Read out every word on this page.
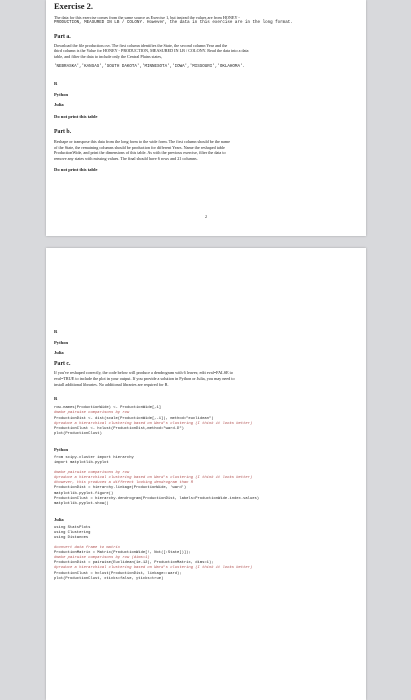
Exercise 2.
The data for this exercise comes from the same source as Exercise 1, but instead the values are from HONEY -
PRODUCTION, MEASURED IN LB / COLONY. However, the data in this exercise are in the long format.
Part a.
Download the file production.csv. The first column identifies the State, the second column Year and the
third column is the Value for HONEY - PRODUCTION, MEASURED IN LB / COLONY. Read the data into a data
table, and filter the data to include only the Central Plains states,
'NEBRASKA','KANSAS','SOUTH DAKOTA','MINNESOTA','IOWA','MISSOURI','OKLAHOMA'.
R
Python
Julia
Do not print this table
Part b.
Reshape or transpose this data from the long form to the wide form. The first column should be the name
of the State, the remaining columns should be production for different Years. Name the reshaped table
ProductionWide, and print the dimensions of this table. As with the previous exercise, filter the data to
remove any states with missing values. The final should have 6 rows and 21 columns.
Do not print this table
2
R
Python
Julia
Part c.
If you've reshaped correctly, the code below will produce a dendrogram with 6 leaves; edit eval=FALSE to
eval=TRUE to include the plot in your output. If you provide a solution in Python or Julia, you may need to
install additional libraries. No additional libraries are required for R.
R
row.names(ProductionWide) <- ProductionWide[,1]
#make pairwise comparisons by row
ProductionDist <- dist(scale(ProductionWide[,-1]), method="euclidean")
#produce a hierarchical clustering based on Ward's clustering (I think it looks better)
ProductionClust <- hclust(ProductionDist,method="ward.D")
plot(ProductionClust)
Python
from scipy.cluster import hierarchy
import matplotlib.pyplot
#make pairwise comparisons by row
#produce a hierarchical clustering based on Ward's clustering (I think it looks better)
#however, this produces a different looking dendrogram than R
ProductionDist = hierarchy.linkage(ProductionWide, 'ward')
matplotlib.pyplot.figure()
ProductionClust = hierarchy.dendrogram(ProductionDist, labels=ProductionWide.index.values)
matplotlib.pyplot.show()
Julia
using StatsPlots
using Clustering
using Distances
#convert data frame to matrix
ProductionMatrix = Matrix(ProductionWide[!, Not([:State])]);
#make pairwise comparisons by row (dims=1)
ProductionDist = pairwise(Euclidean(1e-12), ProductionMatrix, dims=1);
#produce a hierarchical clustering based on Ward's clustering (I think it looks better)
ProductionClust = hclust(ProductionDist, linkage=:ward);
plot(ProductionClust, xticks=false, yticks=true)
